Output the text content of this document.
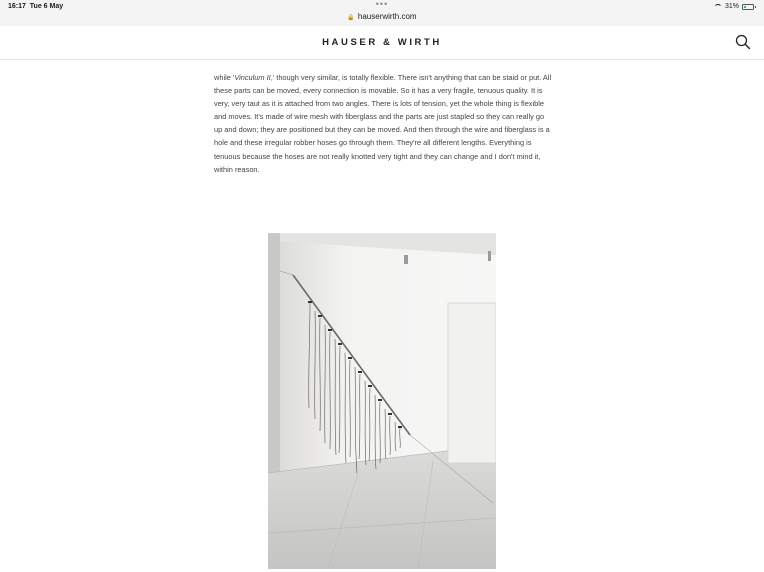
16:17 Tue 6 May	•••
🔒 hauserwirth.com
31%
HAUSER & WIRTH

while 'Vinculum II,' though very similar, is totally flexible. There isn't anything that can be staid or put. All these parts can be moved, every connection is movable. So it has a very fragile, tenuous quality. It is very, very taut as it is attached from two angles. There is lots of tension, yet the whole thing is flexible and moves. It's made of wire mesh with fiberglass and the parts are just stapled so they can really go up and down; they are positioned but they can be moved. And then through the wire and fiberglass is a hole and these irregular robber hoses go through them. They're all different lengths. Everything is tenuous because the hoses are not really knotted very tight and they can change and I don't mind it, within reason.
